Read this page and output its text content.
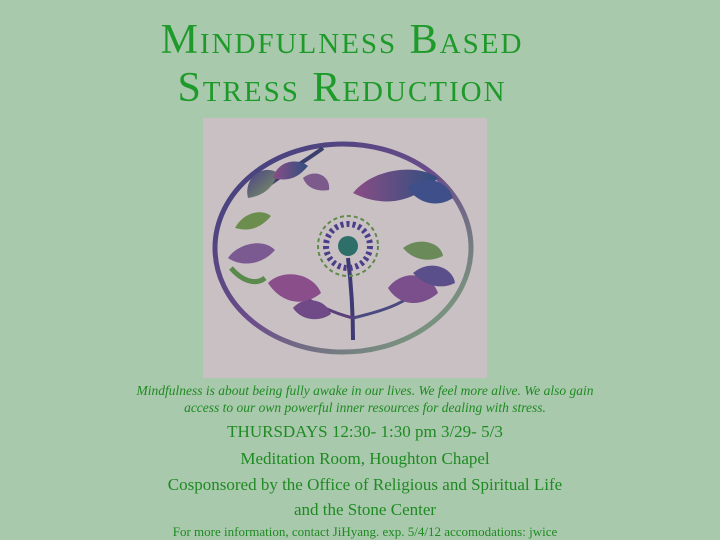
Mindfulness Based
Stress Reduction

Mindfulness is about being fully awake in our lives. We feel more alive. We also gain
access to our own powerful inner resources for dealing with stress.

THURSDAYS 12:30- 1:30 pm 3/29- 5/3

Meditation Room, Houghton Chapel

Cosponsored by the Office of Religious and Spiritual Life

and the Stone Center

For more information, contact JiHyang. exp. 5/4/12 accomodations: jwice
